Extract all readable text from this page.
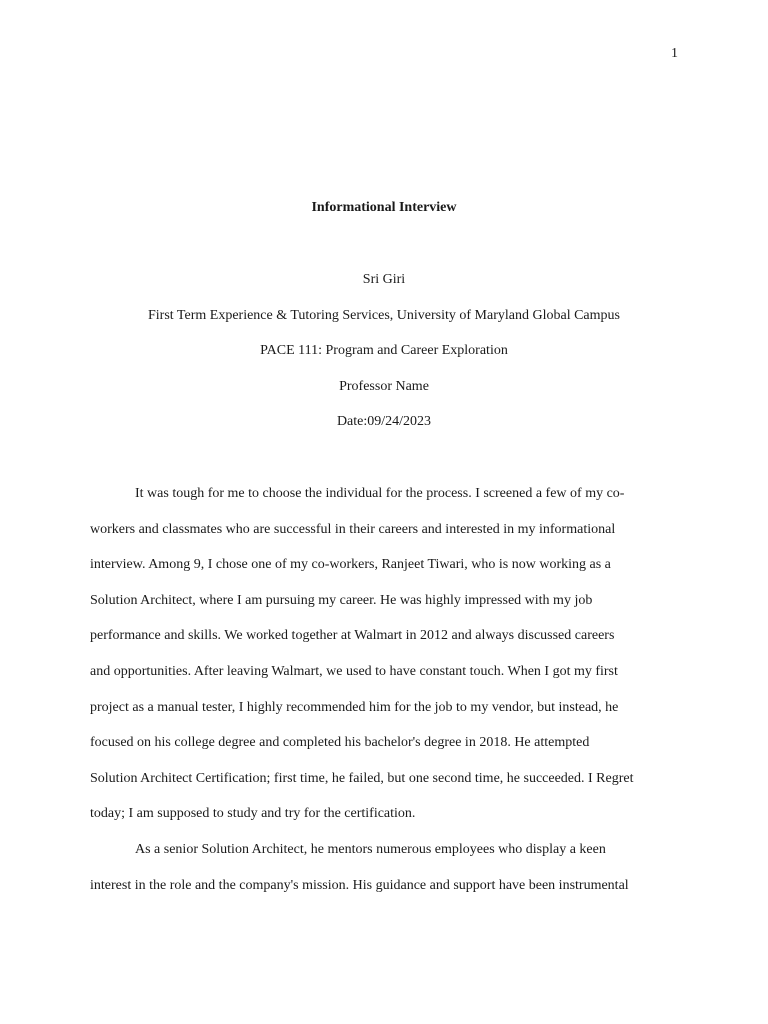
1
Informational Interview
Sri Giri
First Term Experience & Tutoring Services, University of Maryland Global Campus
PACE 111: Program and Career Exploration
Professor Name
Date:09/24/2023
It was tough for me to choose the individual for the process. I screened a few of my co-
workers and classmates who are successful in their careers and interested in my informational
interview. Among 9, I chose one of my co-workers, Ranjeet Tiwari, who is now working as a
Solution Architect, where I am pursuing my career. He was highly impressed with my job
performance and skills. We worked together at Walmart in 2012 and always discussed careers
and opportunities. After leaving Walmart, we used to have constant touch. When I got my first
project as a manual tester, I highly recommended him for the job to my vendor, but instead, he
focused on his college degree and completed his bachelor's degree in 2018. He attempted
Solution Architect Certification; first time, he failed, but one second time, he succeeded. I Regret
today; I am supposed to study and try for the certification.
As a senior Solution Architect, he mentors numerous employees who display a keen
interest in the role and the company's mission. His guidance and support have been instrumental
